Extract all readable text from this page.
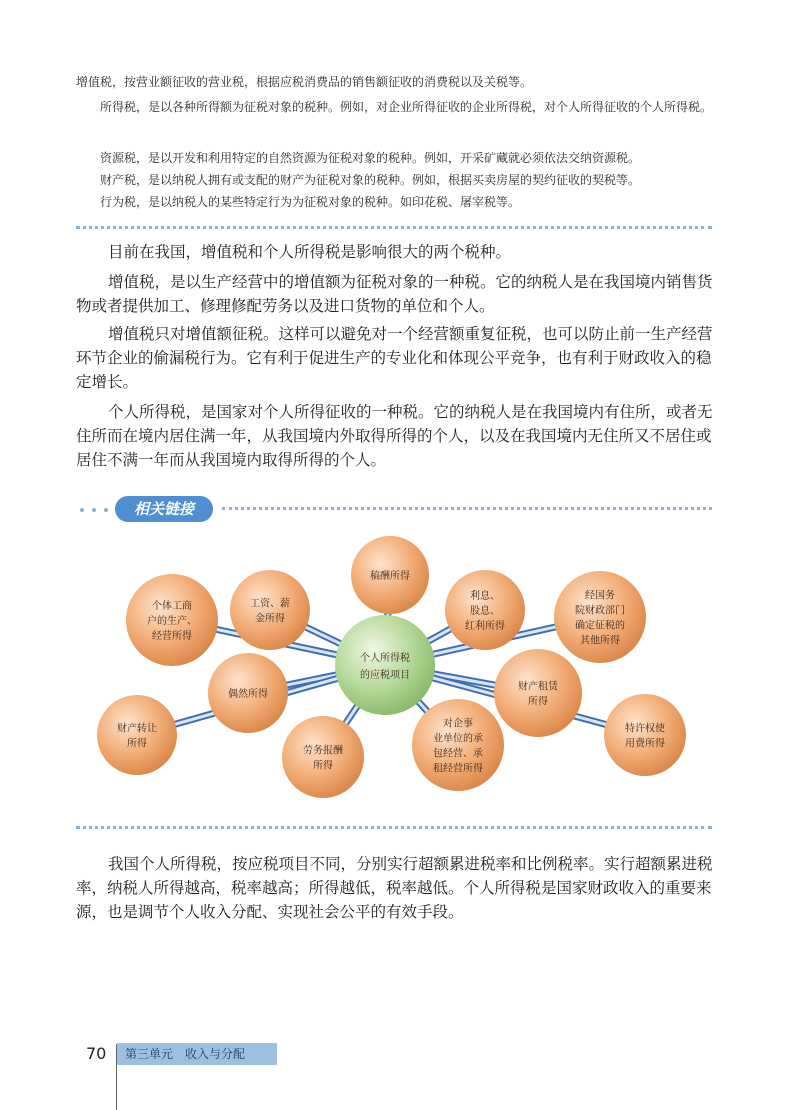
增值税，按营业额征收的营业税，根据应税消费品的销售额征收的消费税以及关税等。

所得税，是以各种所得额为征税对象的税种。例如，对企业所得征收的企业所得税，对个人所得征收的个人所得税。

资源税，是以开发和利用特定的自然资源为征税对象的税种。例如，开采矿藏就必须依法交纳资源税。

财产税，是以纳税人拥有或支配的财产为征税对象的税种。例如，根据买卖房屋的契约征收的契税等。

行为税，是以纳税人的某些特定行为为征税对象的税种。如印花税、屠宰税等。

目前在我国，增值税和个人所得税是影响很大的两个税种。

增值税，是以生产经营中的增值额为征税对象的一种税。它的纳税人是在我国境内销售货物或者提供加工、修理修配劳务以及进口货物的单位和个人。

增值税只对增值额征税。这样可以避免对一个经营额重复征税，也可以防止前一生产经营环节企业的偷漏税行为。它有利于促进生产的专业化和体现公平竞争，也有利于财政收入的稳定增长。

个人所得税，是国家对个人所得征收的一种税。它的纳税人是在我国境内有住所，或者无住所而在境内居住满一年，从我国境内外取得所得的个人，以及在我国境内无住所又不居住或居住不满一年而从我国境内取得所得的个人。

相关链接
个体工商
户的生产、
经营所得
工资、薪
金所得
稿酬所得
利息、
股息、
红利所得
经国务
院财政部门
确定征税的
其他所得
偶然所得
财产租赁
所得
财产转让
所得
劳务报酬
所得
对企事
业单位的承
包经营、承
租经营所得
特许权使
用费所得
个人所得税
的应税项目

我国个人所得税，按应税项目不同，分别实行超额累进税率和比例税率。实行超额累进税率，纳税人所得越高，税率越高；所得越低，税率越低。个人所得税是国家财政收入的重要来源，也是调节个人收入分配、实现社会公平的有效手段。

70	第三单元　收入与分配
